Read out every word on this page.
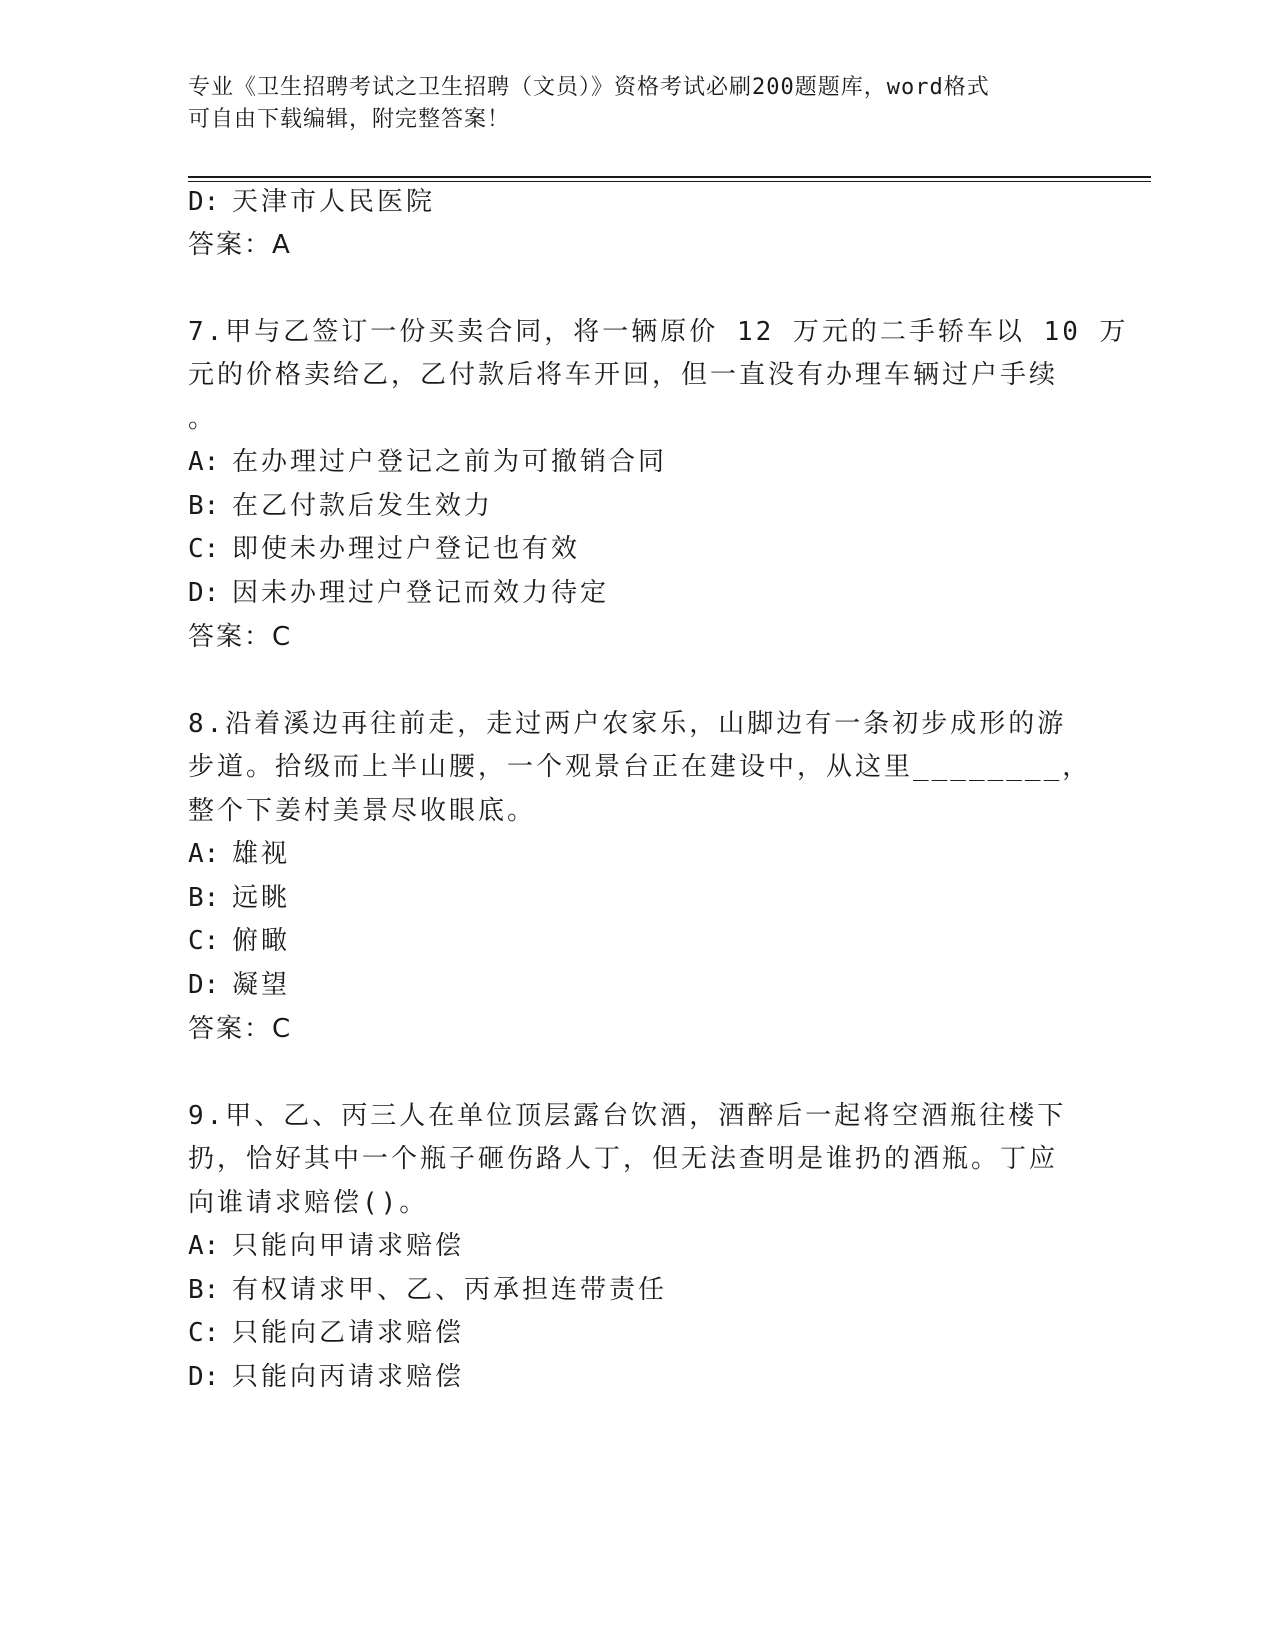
专业《卫生招聘考试之卫生招聘（文员）》资格考试必刷200题题库，word格式
可自由下载编辑，附完整答案！
D: 天津市人民医院
答案：A
7.甲与乙签订一份买卖合同，将一辆原价 12 万元的二手轿车以 10 万
元的价格卖给乙，乙付款后将车开回，但一直没有办理车辆过户手续
。
A: 在办理过户登记之前为可撤销合同
B: 在乙付款后发生效力
C: 即使未办理过户登记也有效
D: 因未办理过户登记而效力待定
答案：C
8.沿着溪边再往前走，走过两户农家乐，山脚边有一条初步成形的游
步道。拾级而上半山腰，一个观景台正在建设中，从这里________，
整个下姜村美景尽收眼底。
A: 雄视
B: 远眺
C: 俯瞰
D: 凝望
答案：C
9.甲、乙、丙三人在单位顶层露台饮酒，酒醉后一起将空酒瓶往楼下
扔，恰好其中一个瓶子砸伤路人丁，但无法查明是谁扔的酒瓶。丁应
向谁请求赔偿()。
A: 只能向甲请求赔偿
B: 有权请求甲、乙、丙承担连带责任
C: 只能向乙请求赔偿
D: 只能向丙请求赔偿
